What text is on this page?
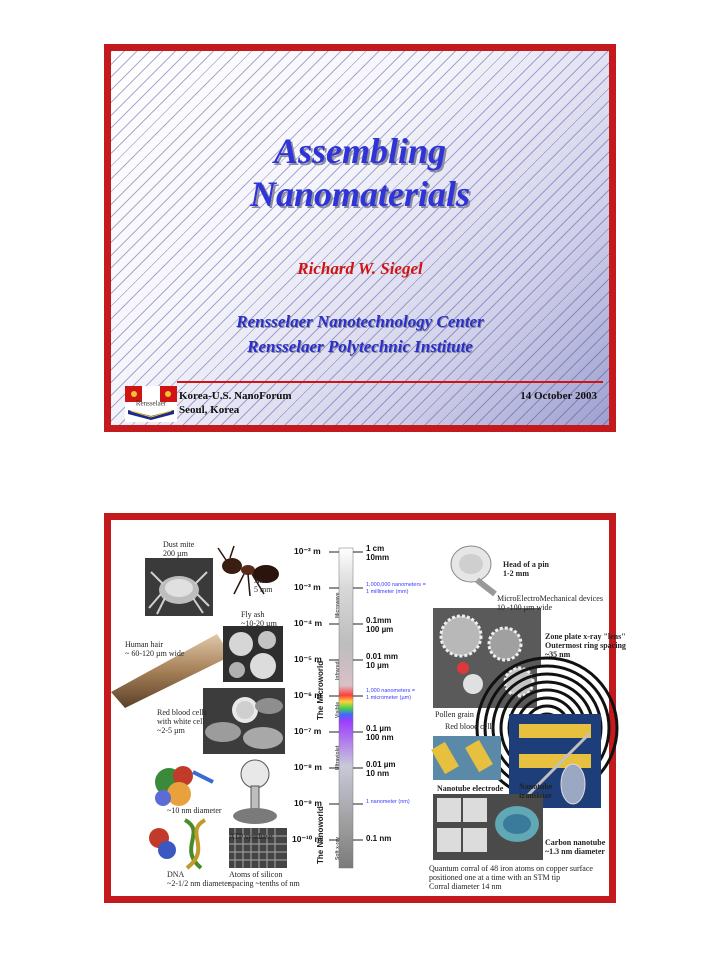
Assembling
Nanomaterials
Richard W. Siegel
Rensselaer Nanotechnology Center
Rensselaer Polytechnic Institute
Rensselaer
Korea-U.S. NanoForum
Seoul, Korea
14 October 2003
The Microworld
The Nanoworld
Microwave
Infrared
Visible
Ultraviolet
Soft x-ray
10⁻² m
10⁻³ m
10⁻⁴ m
10⁻⁵ m
10⁻⁶ m
10⁻⁷ m
10⁻⁸ m
10⁻⁹ m
10⁻¹⁰ m
1 cm
10mm
1,000,000 nanometers =
1 millimeter (mm)
0.1mm
100 µm
0.01 mm
10 µm
1,000 nanometers =
1 micrometer (µm)
0.1 µm
100 nm
0.01 µm
10 nm
1 nanometer (nm)
0.1 nm
Dust mite
200 µm
Ant
5 mm
Fly ash
~10-20 µm
Human hair
~ 60-120 µm wide
Red blood cells
with white cell
~2-5 µm
~10 nm diameter
ATP synthase
DNA
~2-1/2 nm diameter
Atoms of silicon
spacing ~tenths of nm
Head of a pin
1-2 mm
MicroElectroMechanical devices
10 -100 µm wide
Pollen grain
Red blood cells
Zone plate x-ray "lens"
Outermost ring spacing
~35 nm
Nanotube electrode Nanotube
transistor
Carbon nanotube
~1.3 nm diameter
Quantum corral of 48 iron atoms on copper surface
positioned one at a time with an STM tip
Corral diameter 14 nm
